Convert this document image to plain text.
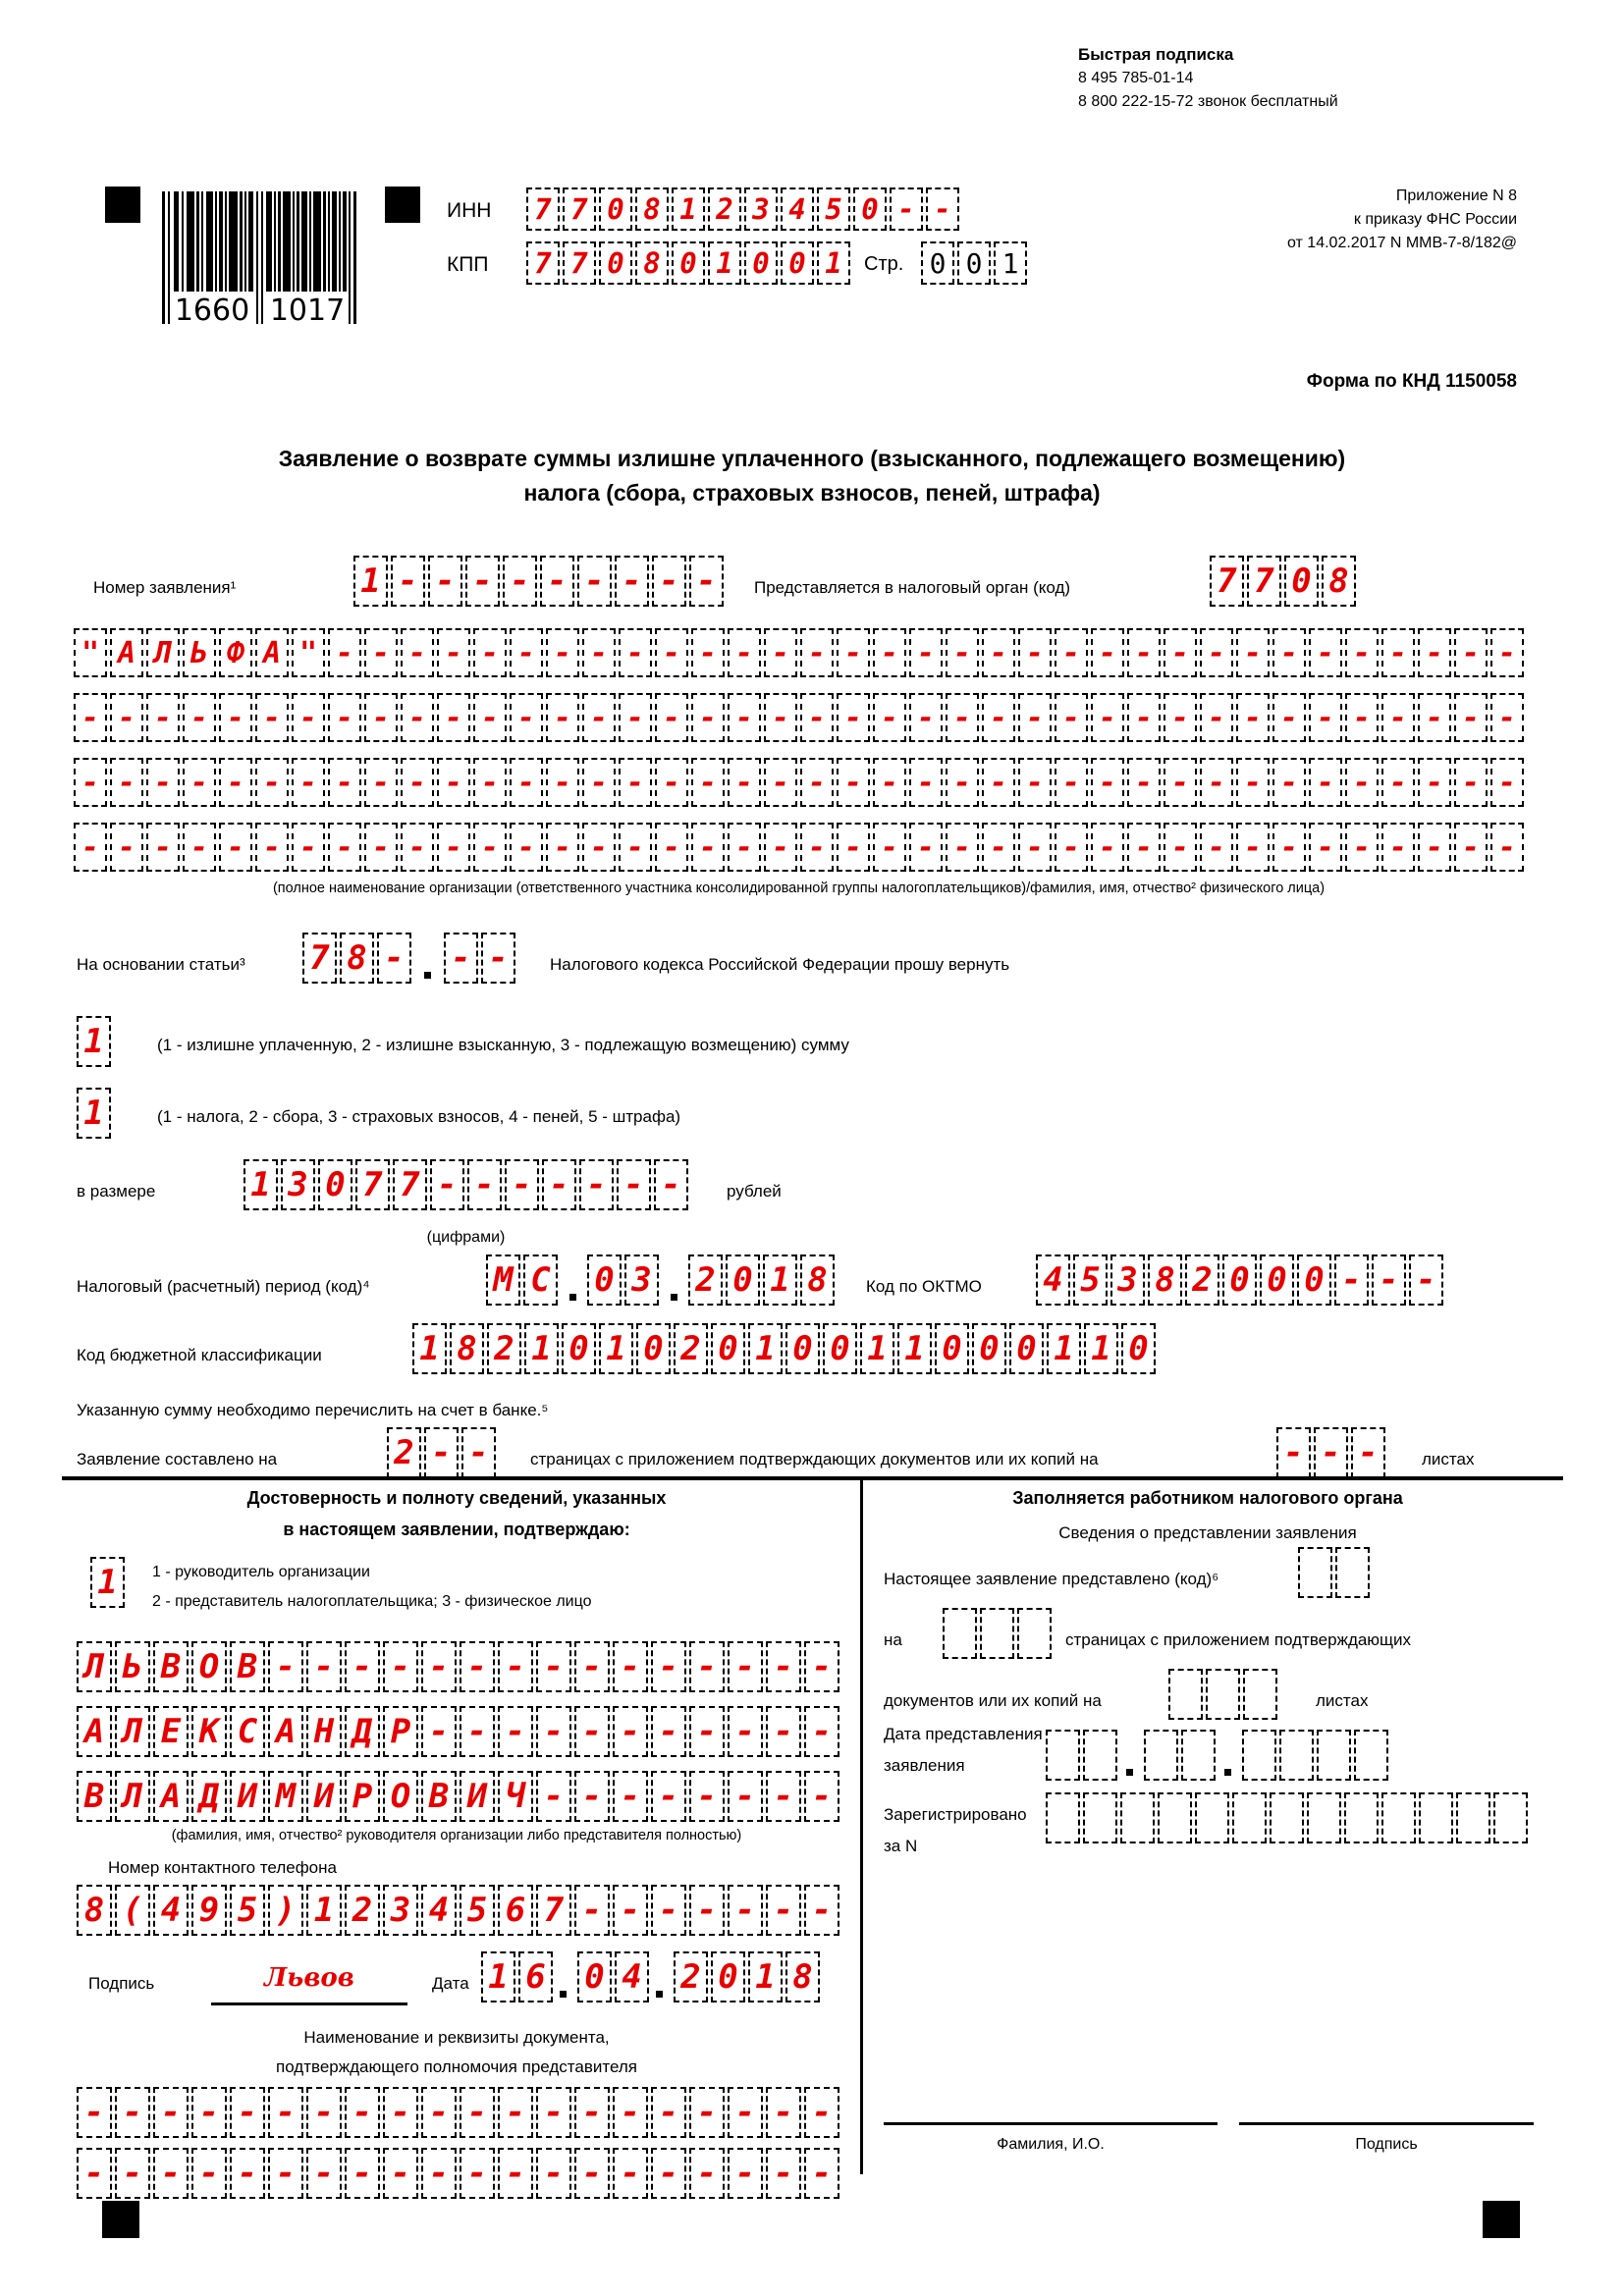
Быстрая подписка
8 495 785-01-14
8 800 222-15-72 звонок бесплатный
1660 1017
ИНН 7 7 0 8 1 2 3 4 5 0 - -
КПП 7 7 0 8 0 1 0 0 1	Стр. 0 0 1
Приложение N 8
к приказу ФНС России
от 14.02.2017 N ММВ-7-8/182@
Форма по КНД 1150058
Заявление о возврате суммы излишне уплаченного (взысканного, подлежащего возмещению)
налога (сбора, страховых взносов, пеней, штрафа)
Номер заявления¹	1 - - - - - - - - -	Представляется в налоговый орган (код)	7 7 0 8
" А Л Ь Ф А " - - - - - - - - - - - - - - - - - - - - - - - - - - - - - - - - -
- - - - - - - - - - - - - - - - - - - - - - - - - - - - - - - - - - - - - - - -
- - - - - - - - - - - - - - - - - - - - - - - - - - - - - - - - - - - - - - - -
- - - - - - - - - - - - - - - - - - - - - - - - - - - - - - - - - - - - - - - -
(полное наименование организации (ответственного участника консолидированной группы налогоплательщиков)/фамилия, имя, отчество² физического лица)
На основании статьи³ 7 8 - - -	Налогового кодекса Российской Федерации прошу вернуть
1	(1 - излишне уплаченную, 2 - излишне взысканную, 3 - подлежащую возмещению) сумму
1	(1 - налога, 2 - сбора, 3 - страховых взносов, 4 - пеней, 5 - штрафа)
в размере	1 3 0 7 7 - - - - - - -	рублей
(цифрами)
Налоговый (расчетный) период (код)⁴	М С 0 3 2 0 1 8	Код по ОКТМО 4 5 3 8 2 0 0 0 - - -
Код бюджетной классификации	1 8 2 1 0 1 0 2 0 1 0 0 1 1 0 0 0 1 1 0
Указанную сумму необходимо перечислить на счет в банке.⁵
Заявление составлено на	2 - -	страницах с приложением подтверждающих документов или их копий на	- - -	листах
Достоверность и полноту сведений, указанных
в настоящем заявлении, подтверждаю:
1	1 - руководитель организации
2 - представитель налогоплательщика; 3 - физическое лицо
Л Ь В О В - - - - - - - - - - - - - - -
А Л Е К С А Н Д Р - - - - - - - - - - -
В Л А Д И М И Р О В И Ч - - - - - - - -
(фамилия, имя, отчество² руководителя организации либо представителя полностью)
Номер контактного телефона
8 ( 4 9 5 ) 1 2 3 4 5 6 7 - - - - - - -
Подпись	Львов	Дата 1 6 0 4 2 0 1 8
Наименование и реквизиты документа,
подтверждающего полномочия представителя
- - - - - - - - - - - - - - - - - - - -
- - - - - - - - - - - - - - - - - - - -
Заполняется работником налогового органа
Сведения о представлении заявления
Настоящее заявление представлено (код)⁶
на	страницах с приложением подтверждающих
документов или их копий на	листах
Дата представления
заявления
Зарегистрировано
за N
Фамилия, И.О.	Подпись
